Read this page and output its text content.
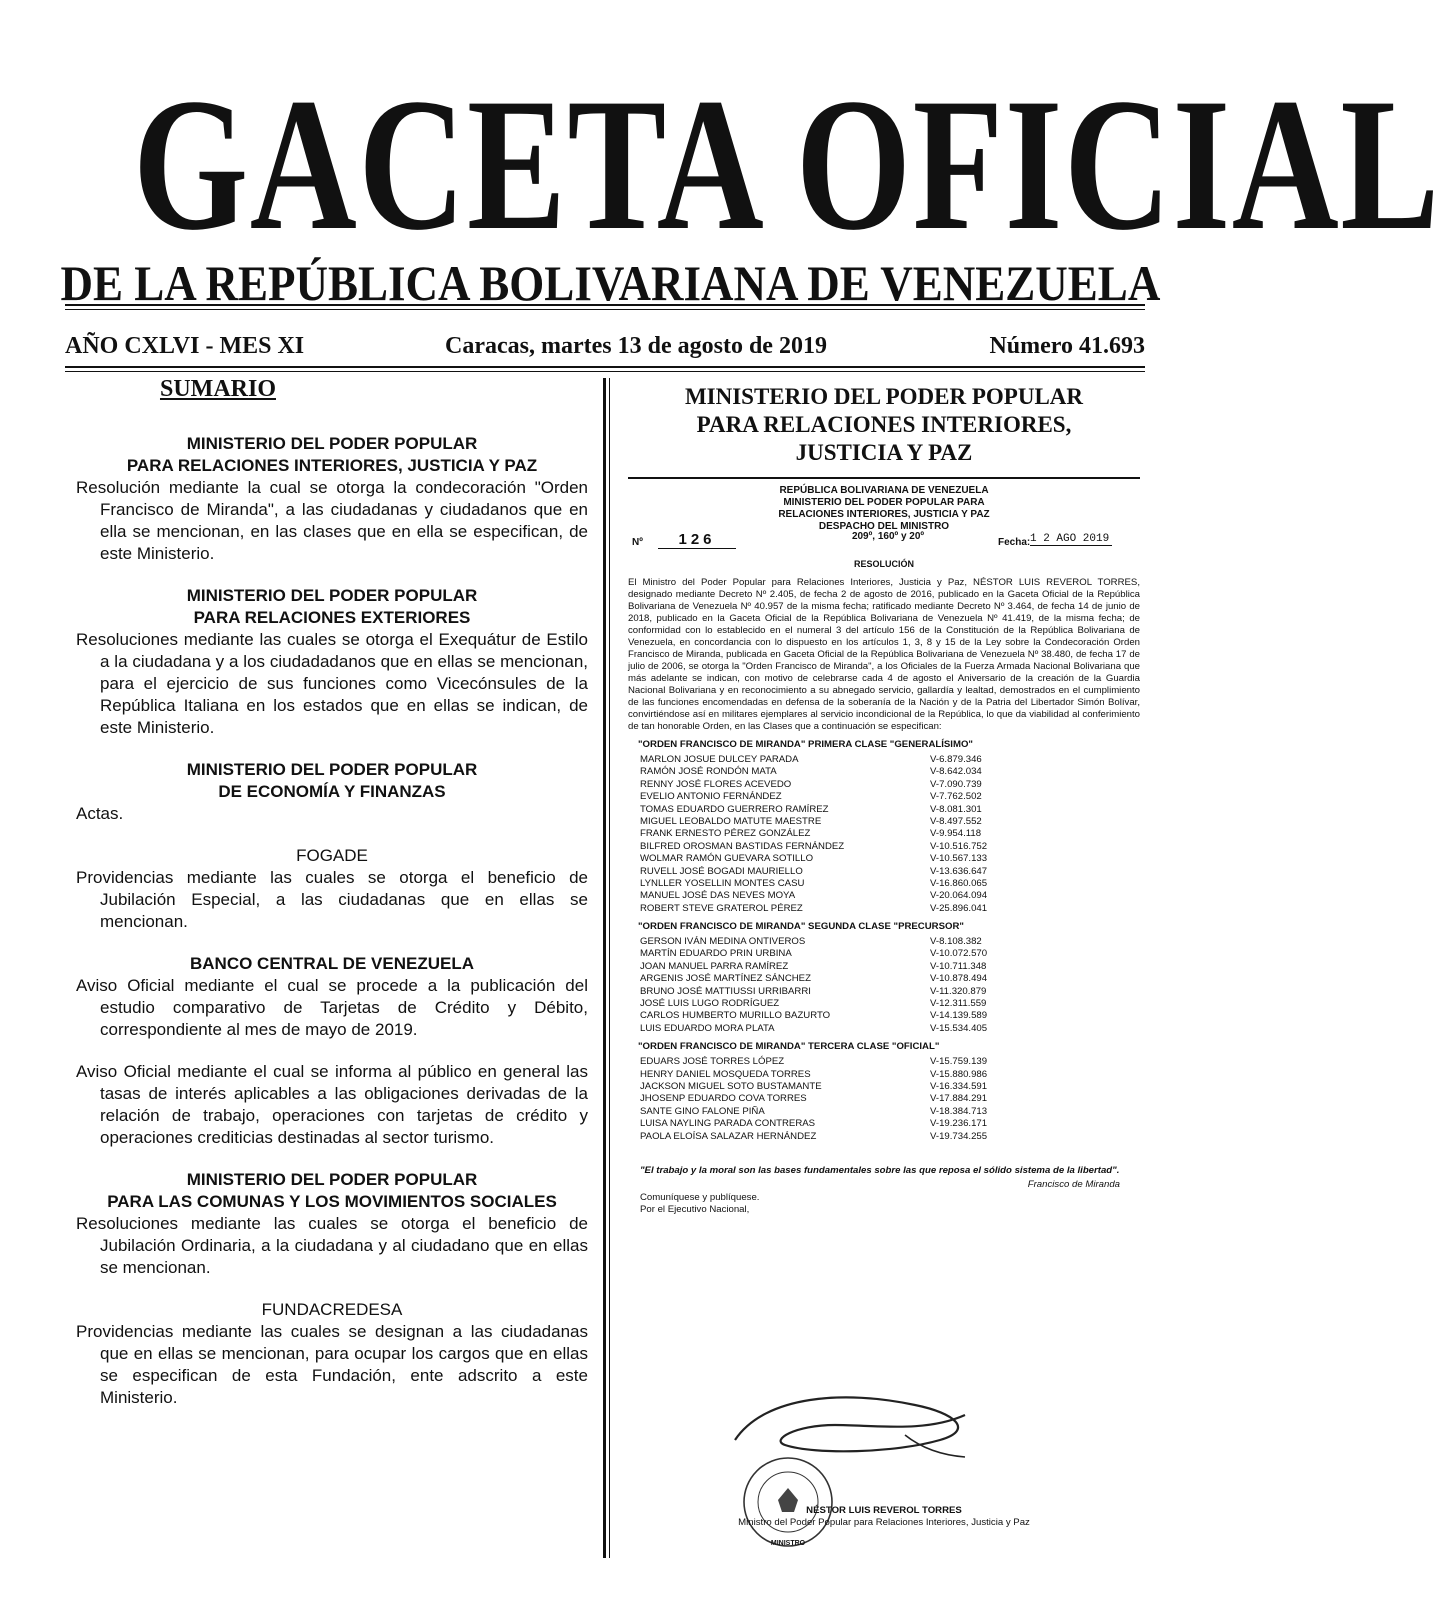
GACETA OFICIAL
DE LA REPÚBLICA BOLIVARIANA DE VENEZUELA
AÑO CXLVI - MES XI	Caracas, martes 13 de agosto de 2019	Número 41.693
SUMARIO
MINISTERIO DEL PODER POPULAR
PARA RELACIONES INTERIORES, JUSTICIA Y PAZ
Resolución mediante la cual se otorga la condecoración "Orden Francisco de Miranda", a las ciudadanas y ciudadanos que en ella se mencionan, en las clases que en ella se especifican, de este Ministerio.
MINISTERIO DEL PODER POPULAR
PARA RELACIONES EXTERIORES
Resoluciones mediante las cuales se otorga el Exequátur de Estilo a la ciudadana y a los ciudadadanos que en ellas se mencionan, para el ejercicio de sus funciones como Vicecónsules de la República Italiana en los estados que en ellas se indican, de este Ministerio.
MINISTERIO DEL PODER POPULAR
DE ECONOMÍA Y FINANZAS
Actas.
FOGADE
Providencias mediante las cuales se otorga el beneficio de Jubilación Especial, a las ciudadanas que en ellas se mencionan.
BANCO CENTRAL DE VENEZUELA
Aviso Oficial mediante el cual se procede a la publicación del estudio comparativo de Tarjetas de Crédito y Débito, correspondiente al mes de mayo de 2019.
Aviso Oficial mediante el cual se informa al público en general las tasas de interés aplicables a las obligaciones derivadas de la relación de trabajo, operaciones con tarjetas de crédito y operaciones crediticias destinadas al sector turismo.
MINISTERIO DEL PODER POPULAR
PARA LAS COMUNAS Y LOS MOVIMIENTOS SOCIALES
Resoluciones mediante las cuales se otorga el beneficio de Jubilación Ordinaria, a la ciudadana y al ciudadano que en ellas se mencionan.
FUNDACREDESA
Providencias mediante las cuales se designan a las ciudadanas que en ellas se mencionan, para ocupar los cargos que en ellas se especifican de esta Fundación, ente adscrito a este Ministerio.
MINISTERIO DEL PODER POPULAR
PARA RELACIONES INTERIORES,
JUSTICIA Y PAZ
REPÚBLICA BOLIVARIANA DE VENEZUELA
MINISTERIO DEL PODER POPULAR PARA
RELACIONES INTERIORES, JUSTICIA Y PAZ
DESPACHO DEL MINISTRO
Nº	126	209º, 160º y 20º
Fecha: 1 2 AGO 2019
RESOLUCIÓN
El Ministro del Poder Popular para Relaciones Interiores, Justicia y Paz, NÉSTOR LUIS REVEROL TORRES, designado mediante Decreto Nº 2.405, de fecha 2 de agosto de 2016, publicado en la Gaceta Oficial de la República Bolivariana de Venezuela Nº 40.957 de la misma fecha; ratificado mediante Decreto Nº 3.464, de fecha 14 de junio de 2018, publicado en la Gaceta Oficial de la República Bolivariana de Venezuela Nº 41.419, de la misma fecha; de conformidad con lo establecido en el numeral 3 del artículo 156 de la Constitución de la República Bolivariana de Venezuela, en concordancia con lo dispuesto en los artículos 1, 3, 8 y 15 de la Ley sobre la Condecoración Orden Francisco de Miranda, publicada en Gaceta Oficial de la República Bolivariana de Venezuela Nº 38.480, de fecha 17 de julio de 2006, se otorga la "Orden Francisco de Miranda", a los Oficiales de la Fuerza Armada Nacional Bolivariana que más adelante se indican, con motivo de celebrarse cada 4 de agosto el Aniversario de la creación de la Guardia Nacional Bolivariana y en reconocimiento a su abnegado servicio, gallardía y lealtad, demostrados en el cumplimiento de las funciones encomendadas en defensa de la soberanía de la Nación y de la Patria del Libertador Simón Bolívar, convirtiéndose así en militares ejemplares al servicio incondicional de la República, lo que da viabilidad al conferimiento de tan honorable Orden, en las Clases que a continuación se especifican:
"ORDEN FRANCISCO DE MIRANDA" PRIMERA CLASE "GENERALÍSIMO"
MARLON JOSUE DULCEY PARADA	V-6.879.346
RAMÓN JOSÉ RONDÓN MATA	V-8.642.034
RENNY JOSÉ FLORES ACEVEDO	V-7.090.739
EVELIO ANTONIO FERNÁNDEZ	V-7.762.502
TOMAS EDUARDO GUERRERO RAMÍREZ	V-8.081.301
MIGUEL LEOBALDO MATUTE MAESTRE	V-8.497.552
FRANK ERNESTO PÉREZ GONZÁLEZ	V-9.954.118
BILFRED OROSMAN BASTIDAS FERNÁNDEZ	V-10.516.752
WOLMAR RAMÓN GUEVARA SOTILLO	V-10.567.133
RUVELL JOSÉ BOGADI MAURIELLO	V-13.636.647
LYNLLER YOSELLIN MONTES CASU	V-16.860.065
MANUEL JOSÉ DAS NEVES MOYA	V-20.064.094
ROBERT STEVE GRATEROL PÉREZ	V-25.896.041
"ORDEN FRANCISCO DE MIRANDA" SEGUNDA CLASE "PRECURSOR"
GERSON IVÁN MEDINA ONTIVEROS	V-8.108.382
MARTÍN EDUARDO PRIN URBINA	V-10.072.570
JOAN MANUEL PARRA RAMÍREZ	V-10.711.348
ARGENIS JOSÉ MARTÍNEZ SÁNCHEZ	V-10.878.494
BRUNO JOSÉ MATTIUSSI URRIBARRI	V-11.320.879
JOSÉ LUIS LUGO RODRÍGUEZ	V-12.311.559
CARLOS HUMBERTO MURILLO BAZURTO	V-14.139.589
LUIS EDUARDO MORA PLATA	V-15.534.405
"ORDEN FRANCISCO DE MIRANDA" TERCERA CLASE "OFICIAL"
EDUARS JOSÉ TORRES LÓPEZ	V-15.759.139
HENRY DANIEL MOSQUEDA TORRES	V-15.880.986
JACKSON MIGUEL SOTO BUSTAMANTE	V-16.334.591
JHOSENP EDUARDO COVA TORRES	V-17.884.291
SANTE GINO FALONE PIÑA	V-18.384.713
LUISA NAYLING PARADA CONTRERAS	V-19.236.171
PAOLA ELOÍSA SALAZAR HERNÁNDEZ	V-19.734.255
"El trabajo y la moral son las bases fundamentales sobre las que reposa el sólido sistema de la libertad".
Francisco de Miranda
Comuníquese y publíquese.
Por el Ejecutivo Nacional,
MINISTRO
NÉSTOR LUIS REVEROL TORRES
Ministro del Poder Popular para Relaciones Interiores, Justicia y Paz
